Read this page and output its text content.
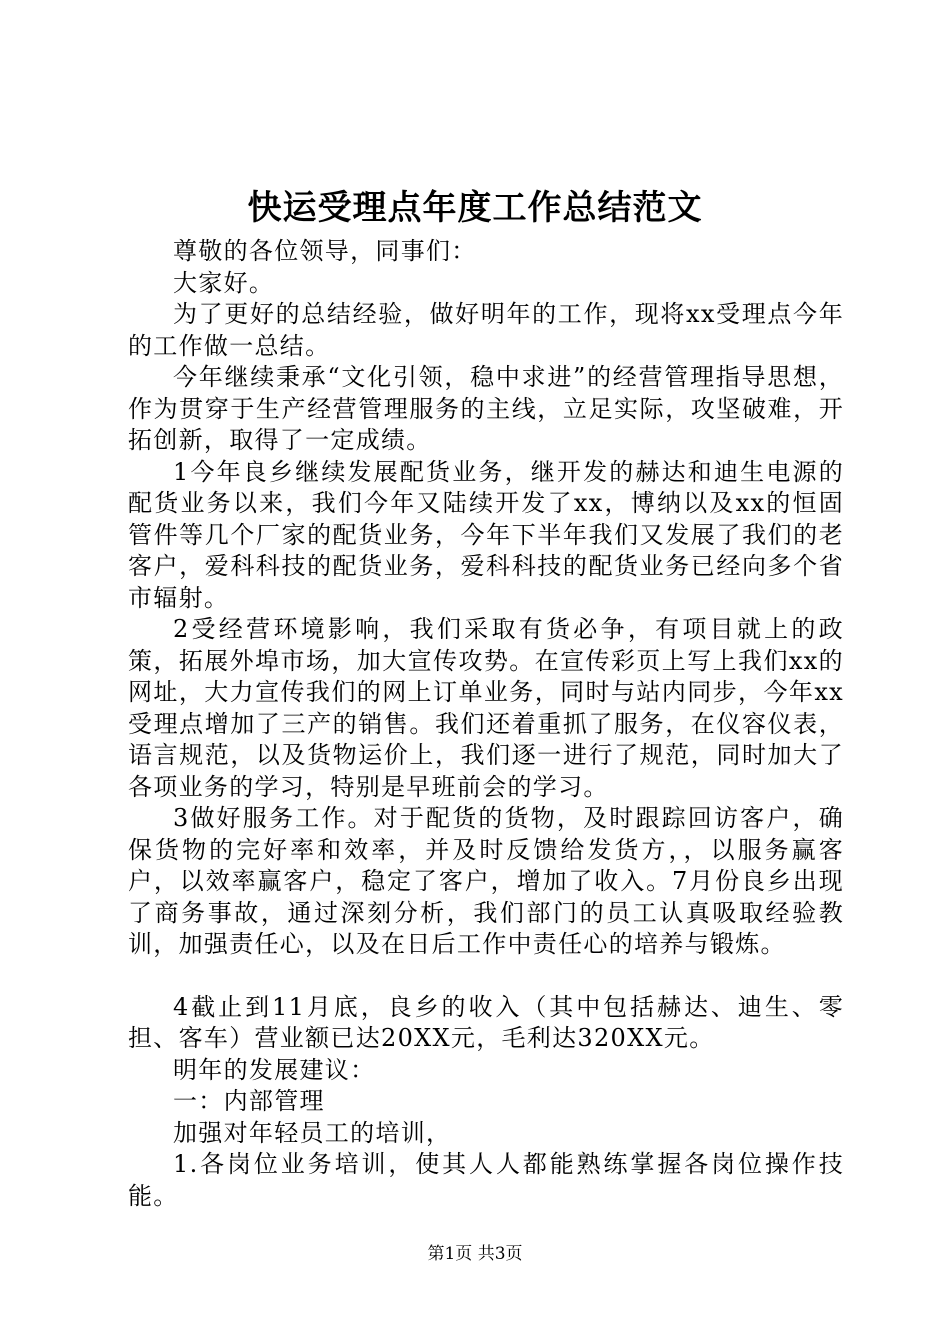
快运受理点年度工作总结范文

尊敬的各位领导，同事们：

大家好。

为了更好的总结经验，做好明年的工作，现将xx受理点今年的工作做一总结。

今年继续秉承“文化引领，稳中求进”的经营管理指导思想，作为贯穿于生产经营管理服务的主线，立足实际，攻坚破难，开拓创新，取得了一定成绩。

1今年良乡继续发展配货业务，继开发的赫达和迪生电源的配货业务以来，我们今年又陆续开发了xx，博纳以及xx的恒固管件等几个厂家的配货业务，今年下半年我们又发展了我们的老客户，爱科科技的配货业务，爱科科技的配货业务已经向多个省市辐射。

2受经营环境影响，我们采取有货必争，有项目就上的政策，拓展外埠市场，加大宣传攻势。在宣传彩页上写上我们xx的网址，大力宣传我们的网上订单业务，同时与站内同步，今年xx受理点增加了三产的销售。我们还着重抓了服务，在仪容仪表，语言规范，以及货物运价上，我们逐一进行了规范，同时加大了各项业务的学习，特别是早班前会的学习。

3做好服务工作。对于配货的货物，及时跟踪回访客户，确保货物的完好率和效率，并及时反馈给发货方，，以服务赢客户，以效率赢客户，稳定了客户，增加了收入。7月份良乡出现了商务事故，通过深刻分析，我们部门的员工认真吸取经验教训，加强责任心，以及在日后工作中责任心的培养与锻炼。

4截止到11月底，良乡的收入（其中包括赫达、迪生、零担、客车）营业额已达20XX元，毛利达320XX元。

明年的发展建议：

一：内部管理

加强对年轻员工的培训，

1.各岗位业务培训，使其人人都能熟练掌握各岗位操作技能。

第1页 共3页
